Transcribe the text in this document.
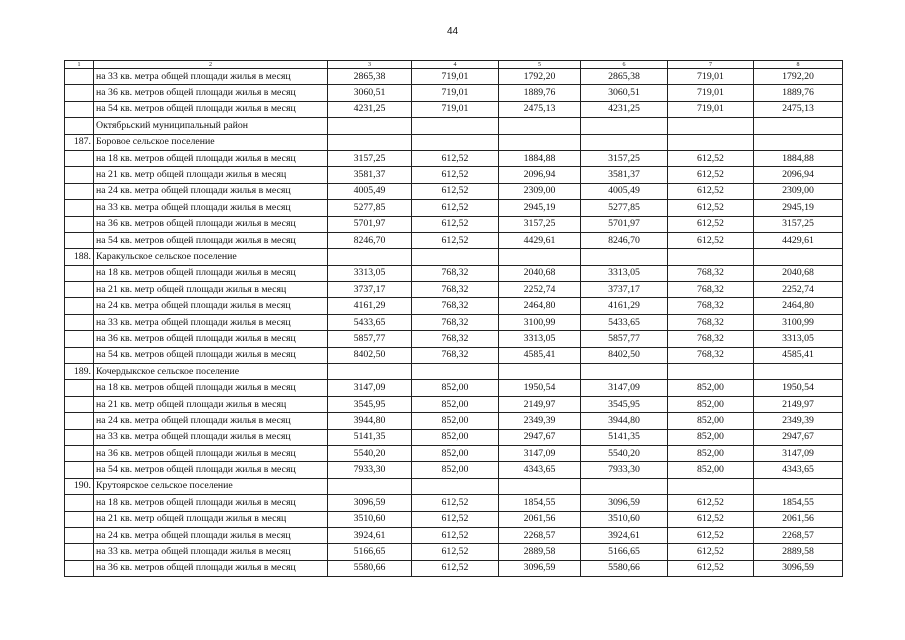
44
1	2	3	4	5	6	7	8
	на 33 кв. метра общей площади жилья в месяц	2865,38	719,01	1792,20	2865,38	719,01	1792,20
	на 36 кв. метров общей площади жилья в месяц	3060,51	719,01	1889,76	3060,51	719,01	1889,76
	на 54 кв. метров общей площади жилья в месяц	4231,25	719,01	2475,13	4231,25	719,01	2475,13
	Октябрьский муниципальный район						
187.	Боровое сельское поселение						
	на 18 кв. метров общей площади жилья в месяц	3157,25	612,52	1884,88	3157,25	612,52	1884,88
	на 21 кв. метр общей площади жилья в месяц	3581,37	612,52	2096,94	3581,37	612,52	2096,94
	на 24 кв. метра общей площади жилья в месяц	4005,49	612,52	2309,00	4005,49	612,52	2309,00
	на 33 кв. метра общей площади жилья в месяц	5277,85	612,52	2945,19	5277,85	612,52	2945,19
	на 36 кв. метров общей площади жилья в месяц	5701,97	612,52	3157,25	5701,97	612,52	3157,25
	на 54 кв. метров общей площади жилья в месяц	8246,70	612,52	4429,61	8246,70	612,52	4429,61
188.	Каракульское сельское поселение						
	на 18 кв. метров общей площади жилья в месяц	3313,05	768,32	2040,68	3313,05	768,32	2040,68
	на 21 кв. метр общей площади жилья в месяц	3737,17	768,32	2252,74	3737,17	768,32	2252,74
	на 24 кв. метра общей площади жилья в месяц	4161,29	768,32	2464,80	4161,29	768,32	2464,80
	на 33 кв. метра общей площади жилья в месяц	5433,65	768,32	3100,99	5433,65	768,32	3100,99
	на 36 кв. метров общей площади жилья в месяц	5857,77	768,32	3313,05	5857,77	768,32	3313,05
	на 54 кв. метров общей площади жилья в месяц	8402,50	768,32	4585,41	8402,50	768,32	4585,41
189.	Кочердыкское сельское поселение						
	на 18 кв. метров общей площади жилья в месяц	3147,09	852,00	1950,54	3147,09	852,00	1950,54
	на 21 кв. метр общей площади жилья в месяц	3545,95	852,00	2149,97	3545,95	852,00	2149,97
	на 24 кв. метра общей площади жилья в месяц	3944,80	852,00	2349,39	3944,80	852,00	2349,39
	на 33 кв. метра общей площади жилья в месяц	5141,35	852,00	2947,67	5141,35	852,00	2947,67
	на 36 кв. метров общей площади жилья в месяц	5540,20	852,00	3147,09	5540,20	852,00	3147,09
	на 54 кв. метров общей площади жилья в месяц	7933,30	852,00	4343,65	7933,30	852,00	4343,65
190.	Крутоярское сельское поселение						
	на 18 кв. метров общей площади жилья в месяц	3096,59	612,52	1854,55	3096,59	612,52	1854,55
	на 21 кв. метр общей площади жилья в месяц	3510,60	612,52	2061,56	3510,60	612,52	2061,56
	на 24 кв. метра общей площади жилья в месяц	3924,61	612,52	2268,57	3924,61	612,52	2268,57
	на 33 кв. метра общей площади жилья в месяц	5166,65	612,52	2889,58	5166,65	612,52	2889,58
	на 36 кв. метров общей площади жилья в месяц	5580,66	612,52	3096,59	5580,66	612,52	3096,59
